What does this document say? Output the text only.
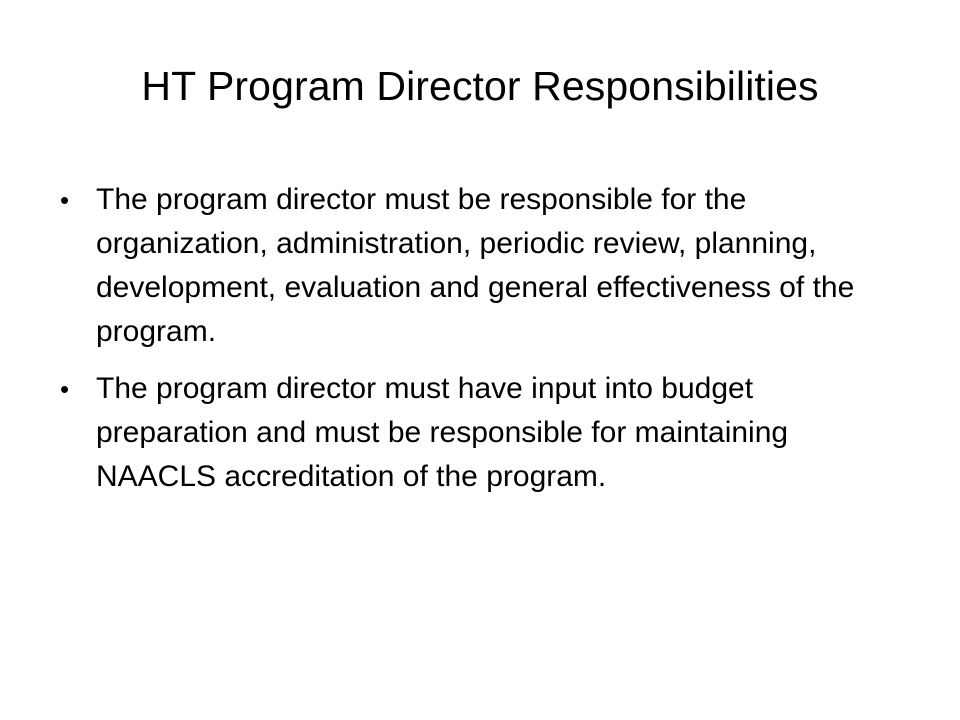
HT Program Director Responsibilities
• The program director must be responsible for the organization, administration, periodic review, planning, development, evaluation and general effectiveness of the program.
• The program director must have input into budget preparation and must be responsible for maintaining NAACLS accreditation of the program.
